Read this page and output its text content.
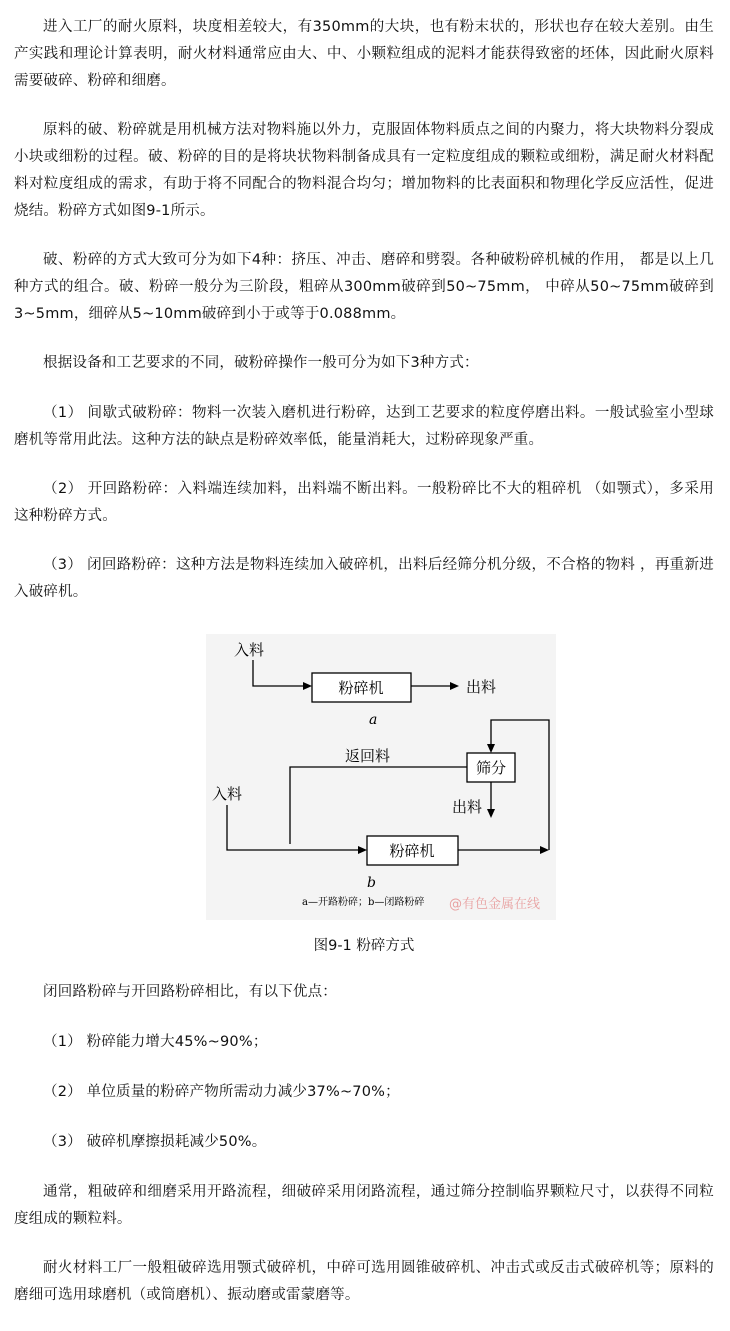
进入工厂的耐火原料，块度相差较大，有350mm的大块，也有粉末状的，形状也存在较大差别。由生产实践和理论计算表明，耐火材料通常应由大、中、小颗粒组成的泥料才能获得致密的坯体，因此耐火原料需要破碎、粉碎和细磨。

原料的破、粉碎就是用机械方法对物料施以外力，克服固体物料质点之间的内聚力，将大块物料分裂成小块或细粉的过程。破、粉碎的目的是将块状物料制备成具有一定粒度组成的颗粒或细粉，满足耐火材料配料对粒度组成的需求，有助于将不同配合的物料混合均匀；增加物料的比表面积和物理化学反应活性，促进烧结。粉碎方式如图9-1所示。

破、粉碎的方式大致可分为如下4种：挤压、冲击、磨碎和劈裂。各种破粉碎机械的作用， 都是以上几种方式的组合。破、粉碎一般分为三阶段，粗碎从300mm破碎到50~75mm， 中碎从50~75mm破碎到3~5mm，细碎从5~10mm破碎到小于或等于0.088mm。

根据设备和工艺要求的不同，破粉碎操作一般可分为如下3种方式：

（1） 间歇式破粉碎：物料一次装入磨机进行粉碎，达到工艺要求的粒度停磨出料。一般试验室小型球磨机等常用此法。这种方法的缺点是粉碎效率低，能量消耗大，过粉碎现象严重。

（2） 开回路粉碎：入料端连续加料，出料端不断出料。一般粉碎比不大的粗碎机 （如颚式），多采用这种粉碎方式。

（3） 闭回路粉碎：这种方法是物料连续加入破碎机，出料后经筛分机分级，不合格的物料 ，再重新进入破碎机。

入料
粉碎机	出料
a
返回料
筛分
出料
入料
粉碎机
b
a—开路粉碎；b—闭路粉碎 @有色金属在线
图9-1 粉碎方式

闭回路粉碎与开回路粉碎相比，有以下优点：

（1） 粉碎能力增大45%~90%；

（2） 单位质量的粉碎产物所需动力减少37%~70%；

（3） 破碎机摩擦损耗减少50%。

通常，粗破碎和细磨采用开路流程，细破碎采用闭路流程，通过筛分控制临界颗粒尺寸，以获得不同粒度组成的颗粒料。

耐火材料工厂一般粗破碎选用颚式破碎机，中碎可选用圆锥破碎机、冲击式或反击式破碎机等；原料的磨细可选用球磨机（或筒磨机）、振动磨或雷蒙磨等。
